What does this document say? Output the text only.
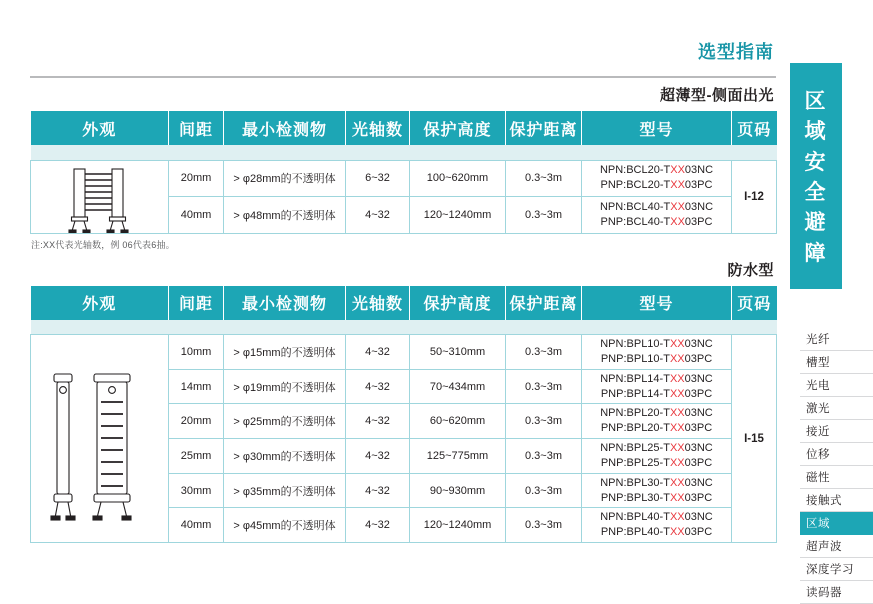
选型指南
超薄型-侧面出光
外观	间距	最小检测物	光轴数	保护高度	保护距离	型号	页码

	20mm	> φ28mm的不透明体	6~32	100~620mm	0.3~3m	NPN:BCL20-TXX03NC
PNP:BCL20-TXX03PC	I-12
	40mm	> φ48mm的不透明体	4~32	120~1240mm	0.3~3m	NPN:BCL40-TXX03NC
PNP:BCL40-TXX03PC	
注:XX代表光轴数，例 06代表6抽。
防水型
外观	间距	最小检测物	光轴数	保护高度	保护距离	型号	页码

	10mm	> φ15mm的不透明体	4~32	50~310mm	0.3~3m	NPN:BPL10-TXX03NC
PNP:BPL10-TXX03PC	I-15
	14mm	> φ19mm的不透明体	4~32	70~434mm	0.3~3m	NPN:BPL14-TXX03NC
PNP:BPL14-TXX03PC	
	20mm	> φ25mm的不透明体	4~32	60~620mm	0.3~3m	NPN:BPL20-TXX03NC
PNP:BPL20-TXX03PC	
	25mm	> φ30mm的不透明体	4~32	125~775mm	0.3~3m	NPN:BPL25-TXX03NC
PNP:BPL25-TXX03PC	
	30mm	> φ35mm的不透明体	4~32	90~930mm	0.3~3m	NPN:BPL30-TXX03NC
PNP:BPL30-TXX03PC	
	40mm	> φ45mm的不透明体	4~32	120~1240mm	0.3~3m	NPN:BPL40-TXX03NC
PNP:BPL40-TXX03PC	
区
域
安
全
避
障
光纤
槽型
光电
激光
接近
位移
磁性
接触式
区域
超声波
深度学习
读码器
